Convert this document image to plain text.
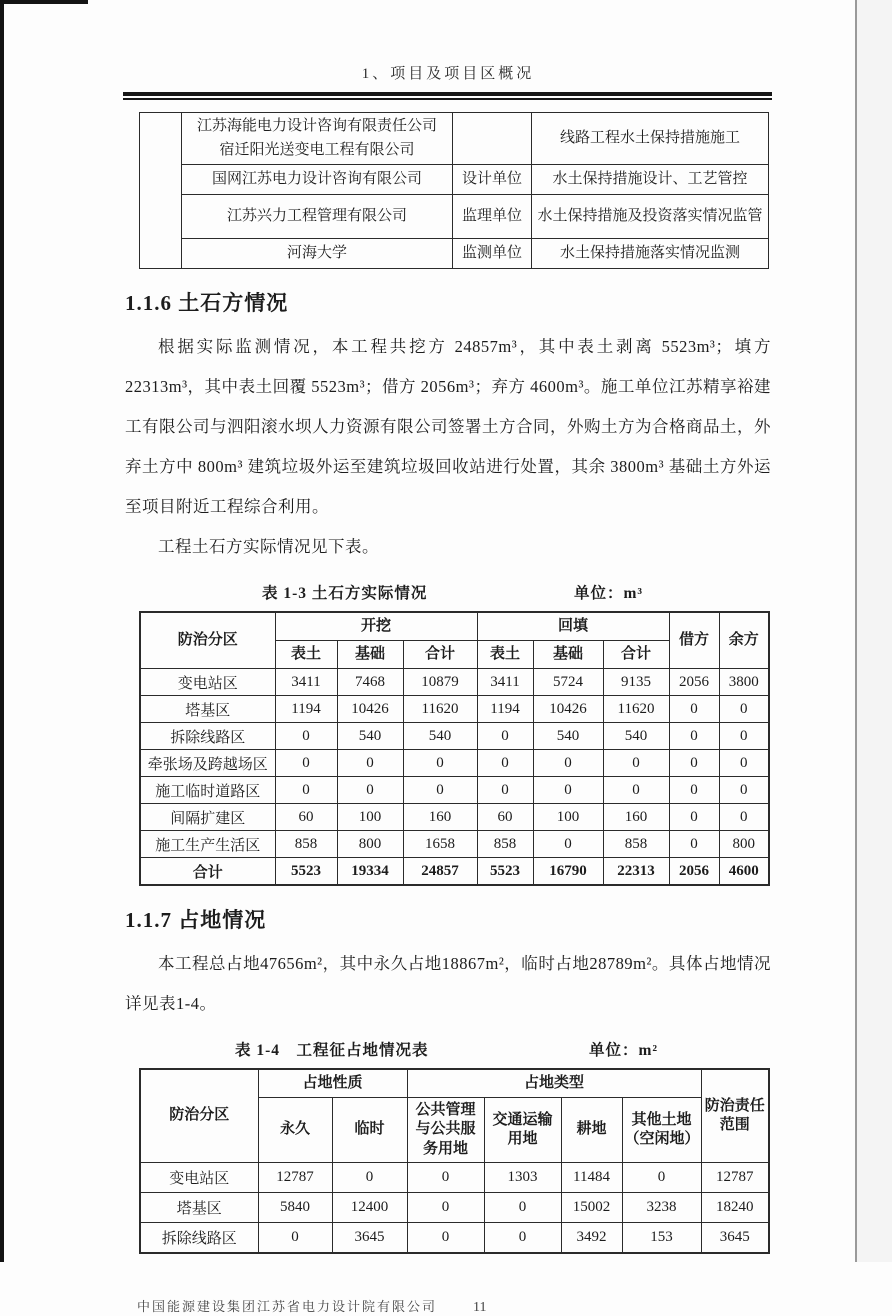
1、项目及项目区概况

	江苏海能电力设计咨询有限责任公司
宿迁阳光送变电工程有限公司		线路工程水土保持措施施工
	国网江苏电力设计咨询有限公司	设计单位	水土保持措施设计、工艺管控
	江苏兴力工程管理有限公司	监理单位	水土保持措施及投资落实情况监管
	河海大学	监测单位	水土保持措施落实情况监测
1.1.6 土石方情况

根据实际监测情况，本工程共挖方 24857m³，其中表土剥离 5523m³；填方 22313m³，其中表土回覆 5523m³；借方 2056m³；弃方 4600m³。施工单位江苏精享裕建工有限公司与泗阳滚水坝人力资源有限公司签署土方合同，外购土方为合格商品土，外弃土方中 800m³ 建筑垃圾外运至建筑垃圾回收站进行处置，其余 3800m³ 基础土方外运至项目附近工程综合利用。

工程土石方实际情况见下表。

表 1-3 土石方实际情况	单位：m³
防治分区	开挖			回填			借方	余方
	表土	基础	合计	表土	基础	合计		
变电站区	3411	7468	10879	3411	5724	9135	2056	3800
塔基区	1194	10426	11620	1194	10426	11620	0	0
拆除线路区	0	540	540	0	540	540	0	0
牵张场及跨越场区	0	0	0	0	0	0	0	0
施工临时道路区	0	0	0	0	0	0	0	0
间隔扩建区	60	100	160	60	100	160	0	0
施工生产生活区	858	800	1658	858	0	858	0	800
合计	5523	19334	24857	5523	16790	22313	2056	4600
1.1.7 占地情况

本工程总占地47656m²，其中永久占地18867m²，临时占地28789m²。具体占地情况详见表1-4。

表 1-4　工程征占地情况表	单位：m²
防治分区	占地性质		占地类型				防治责任范围
	永久	临时	公共管理与公共服务用地	交通运输用地	耕地	其他土地（空闲地）	
变电站区	12787	0	0	1303	11484	0	12787
塔基区	5840	12400	0	0	15002	3238	18240
拆除线路区	0	3645	0	0	3492	153	3645
中国能源建设集团江苏省电力设计院有限公司	11
